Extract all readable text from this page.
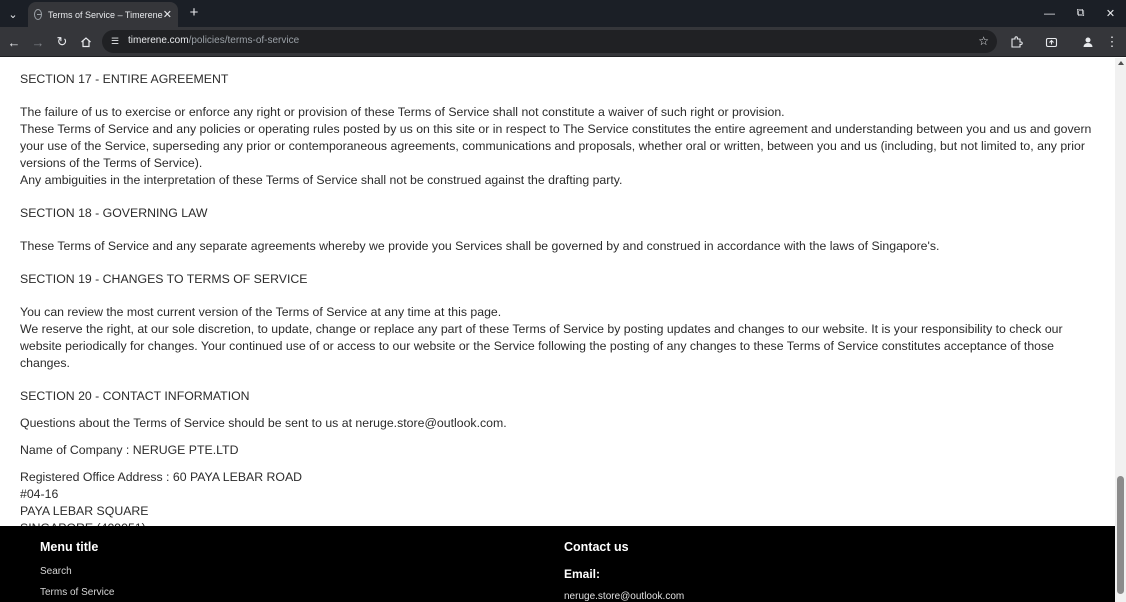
⌄	Terms of Service – Timerene ✕	+	— ⧉ ✕
← → ↻	☰ timerene.com/policies/terms-of-service	☆	⋮

SECTION 17 - ENTIRE AGREEMENT

The failure of us to exercise or enforce any right or provision of these Terms of Service shall not constitute a waiver of such right or provision.

These Terms of Service and any policies or operating rules posted by us on this site or in respect to The Service constitutes the entire agreement and understanding between you and us and govern your use of the Service, superseding any prior or contemporaneous agreements, communications and proposals, whether oral or written, between you and us (including, but not limited to, any prior versions of the Terms of Service).

Any ambiguities in the interpretation of these Terms of Service shall not be construed against the drafting party.

SECTION 18 - GOVERNING LAW

These Terms of Service and any separate agreements whereby we provide you Services shall be governed by and construed in accordance with the laws of Singapore's.

SECTION 19 - CHANGES TO TERMS OF SERVICE

You can review the most current version of the Terms of Service at any time at this page.

We reserve the right, at our sole discretion, to update, change or replace any part of these Terms of Service by posting updates and changes to our website. It is your responsibility to check our website periodically for changes. Your continued use of or access to our website or the Service following the posting of any changes to these Terms of Service constitutes acceptance of those changes.

SECTION 20 - CONTACT INFORMATION

Questions about the Terms of Service should be sent to us at neruge.store@outlook.com.

Name of Company : NERUGE PTE.LTD

Registered Office Address : 60 PAYA LEBAR ROAD

#04-16

PAYA LEBAR SQUARE

Menu title
Search
Terms of Service
Contact us
Email:
neruge.store@outlook.com
